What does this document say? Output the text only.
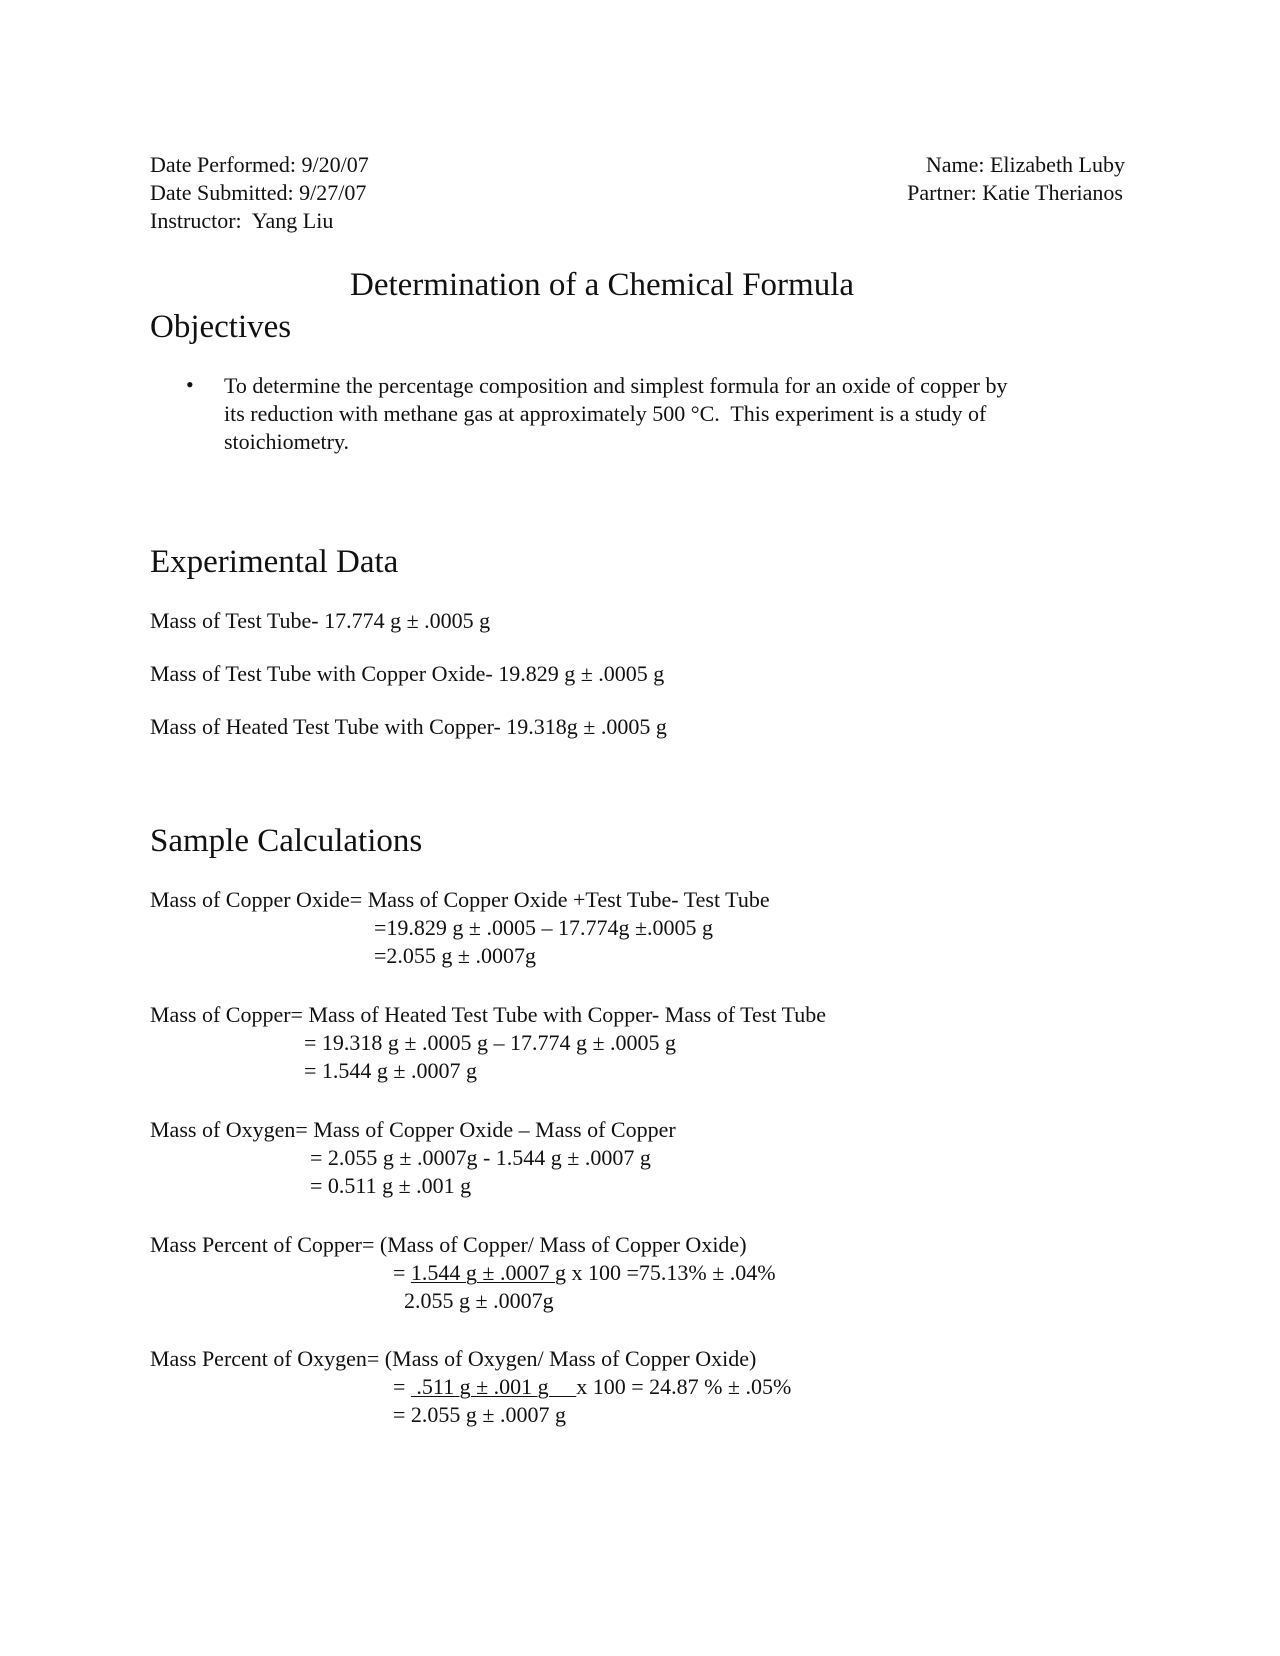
Date Performed: 9/20/07
Date Submitted: 9/27/07
Instructor:  Yang Liu
Name: Elizabeth Luby
Partner: Katie Therianos
Determination of a Chemical Formula
Objectives
• To determine the percentage composition and simplest formula for an oxide of copper by
its reduction with methane gas at approximately 500 °C.  This experiment is a study of
stoichiometry.
Experimental Data
Mass of Test Tube- 17.774 g ± .0005 g
Mass of Test Tube with Copper Oxide- 19.829 g ± .0005 g
Mass of Heated Test Tube with Copper- 19.318g ± .0005 g
Sample Calculations
Mass of Copper Oxide= Mass of Copper Oxide +Test Tube- Test Tube
=19.829 g ± .0005 – 17.774g ±.0005 g
=2.055 g ± .0007g
Mass of Copper= Mass of Heated Test Tube with Copper- Mass of Test Tube
= 19.318 g ± .0005 g – 17.774 g ± .0005 g
= 1.544 g ± .0007 g
Mass of Oxygen= Mass of Copper Oxide – Mass of Copper
= 2.055 g ± .0007g - 1.544 g ± .0007 g
= 0.511 g ± .001 g
Mass Percent of Copper= (Mass of Copper/ Mass of Copper Oxide)
= 1.544 g ± .0007 g x 100 =75.13% ± .04%
2.055 g ± .0007g
Mass Percent of Oxygen= (Mass of Oxygen/ Mass of Copper Oxide)
=  .511 g ± .001 g     x 100 = 24.87 % ± .05%
= 2.055 g ± .0007 g
